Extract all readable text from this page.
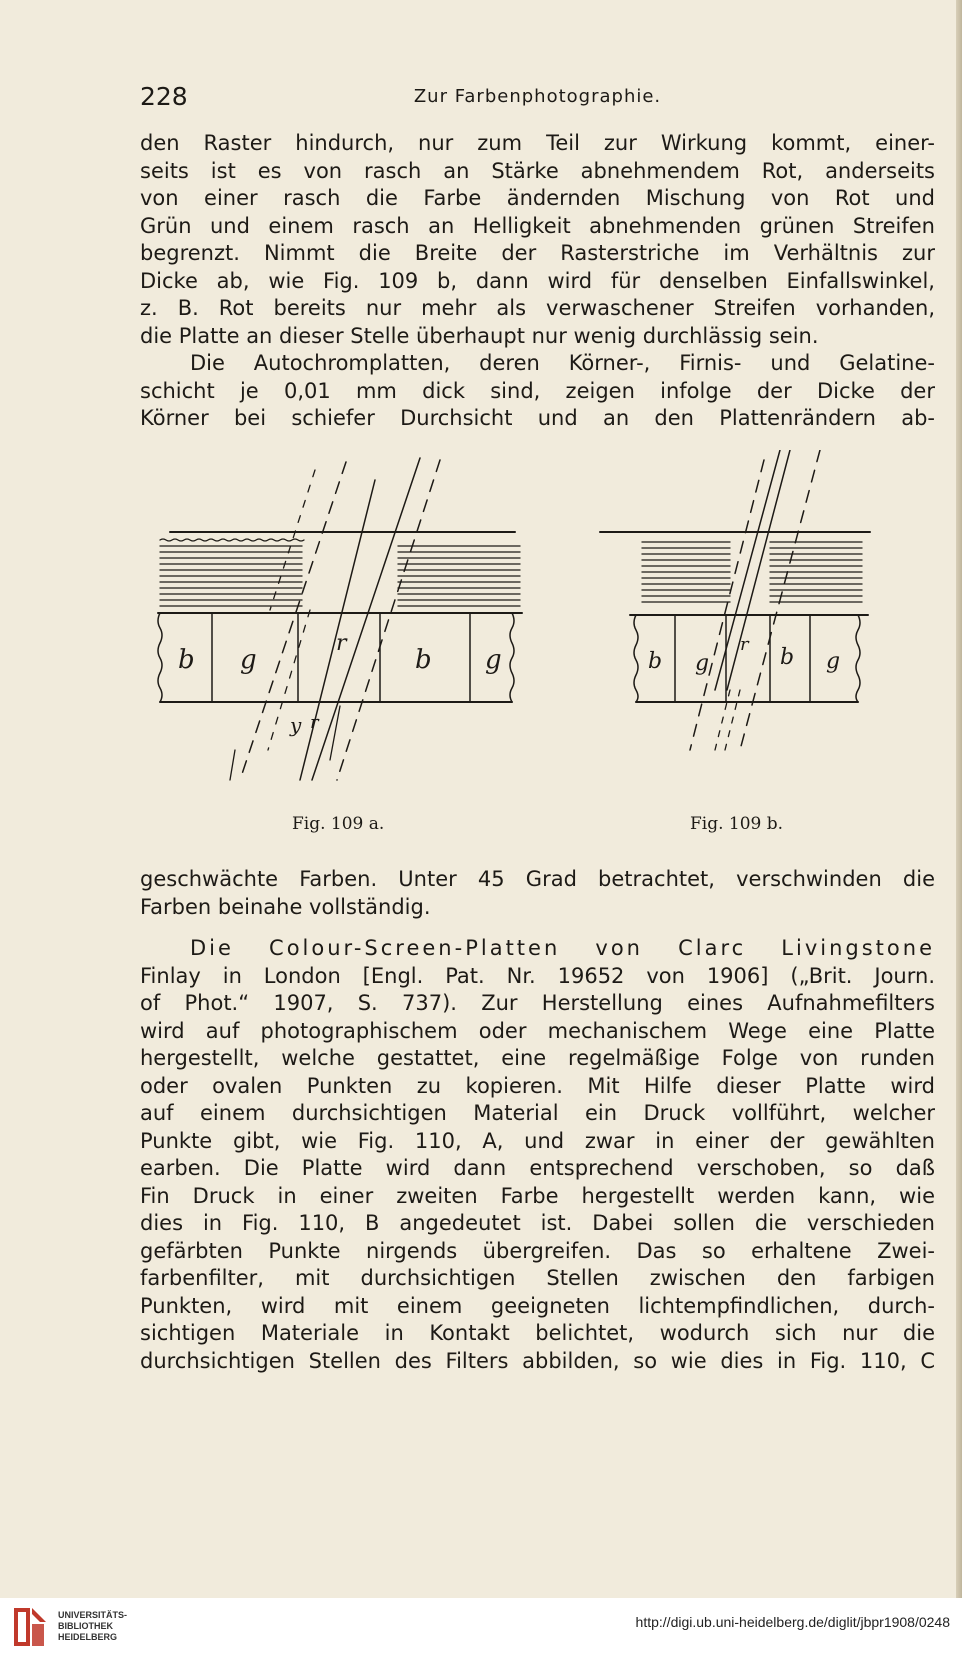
228	Zur Farbenphotographie.
den Raster hindurch, nur zum Teil zur Wirkung kommt, einer-
seits ist es von rasch an Stärke abnehmendem Rot, anderseits
von einer rasch die Farbe ändernden Mischung von Rot und
Grün und einem rasch an Helligkeit abnehmenden grünen Streifen
begrenzt. Nimmt die Breite der Rasterstriche im Verhältnis zur
Dicke ab, wie Fig. 109 b, dann wird für denselben Einfallswinkel,
z. B. Rot bereits nur mehr als verwaschener Streifen vorhanden,
die Platte an dieser Stelle überhaupt nur wenig durchlässig sein.
Die Autochromplatten, deren Körner-, Firnis- und Gelatine-
schicht je 0,01 mm dick sind, zeigen infolge der Dicke der
Körner bei schiefer Durchsicht und an den Plattenrändern ab-
b g
r
b g
y r
b g
r
b g
Fig. 109 a.	Fig. 109 b.
geschwächte Farben. Unter 45 Grad betrachtet, verschwinden die
Farben beinahe vollständig.
Die Colour-Screen-Platten von Clarc Livingstone
Finlay in London [Engl. Pat. Nr. 19652 von 1906] („Brit. Journ.
of Phot.“ 1907, S. 737). Zur Herstellung eines Aufnahmefilters
wird auf photographischem oder mechanischem Wege eine Platte
hergestellt, welche gestattet, eine regelmäßige Folge von runden
oder ovalen Punkten zu kopieren. Mit Hilfe dieser Platte wird
auf einem durchsichtigen Material ein Druck vollführt, welcher
Punkte gibt, wie Fig. 110, A, und zwar in einer der gewählten
earben. Die Platte wird dann entsprechend verschoben, so daß
Fin Druck in einer zweiten Farbe hergestellt werden kann, wie
dies in Fig. 110, B angedeutet ist. Dabei sollen die verschieden
gefärbten Punkte nirgends übergreifen. Das so erhaltene Zwei-
farbenfilter, mit durchsichtigen Stellen zwischen den farbigen
Punkten, wird mit einem geeigneten lichtempfindlichen, durch-
sichtigen Materiale in Kontakt belichtet, wodurch sich nur die
durchsichtigen Stellen des Filters abbilden, so wie dies in Fig. 110, C
UNIVERSITÄTS-
BIBLIOTHEK
HEIDELBERG
http://digi.ub.uni-heidelberg.de/diglit/jbpr1908/0248
